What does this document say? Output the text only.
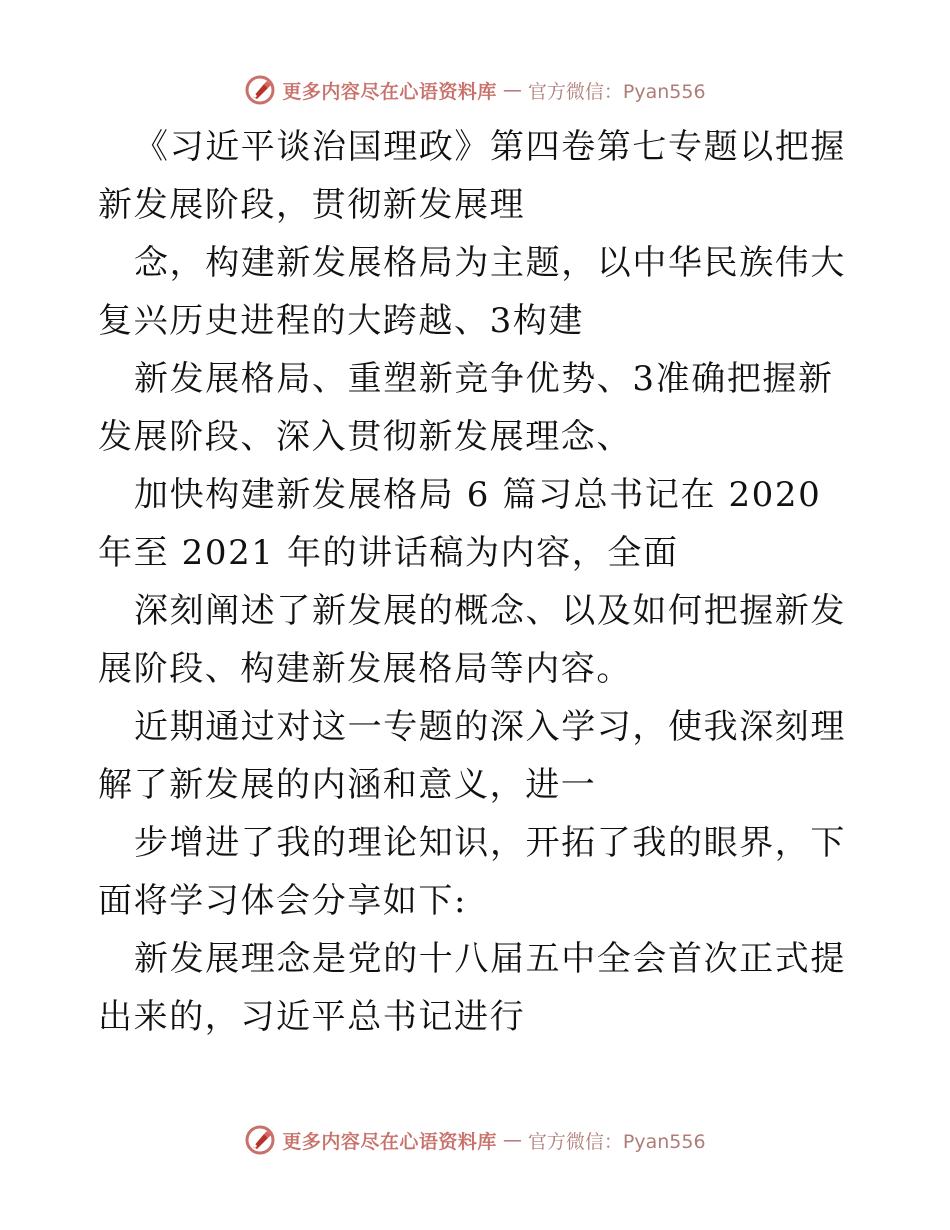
更多内容尽在心语资料库 — 官方微信：Pyan556

《习近平谈治国理政》第四卷第七专题以把握新发展阶段，贯彻新发展理

念，构建新发展格局为主题，以中华民族伟大复兴历史进程的大跨越、3构建

新发展格局、重塑新竞争优势、3准确把握新发展阶段、深入贯彻新发展理念、

加快构建新发展格局 6 篇习总书记在 2020 年至 2021 年的讲话稿为内容，全面

深刻阐述了新发展的概念、以及如何把握新发展阶段、构建新发展格局等内容。

近期通过对这一专题的深入学习，使我深刻理解了新发展的内涵和意义，进一

步增进了我的理论知识，开拓了我的眼界，下面将学习体会分享如下:

新发展理念是党的十八届五中全会首次正式提出来的，习近平总书记进行

更多内容尽在心语资料库 — 官方微信：Pyan556
